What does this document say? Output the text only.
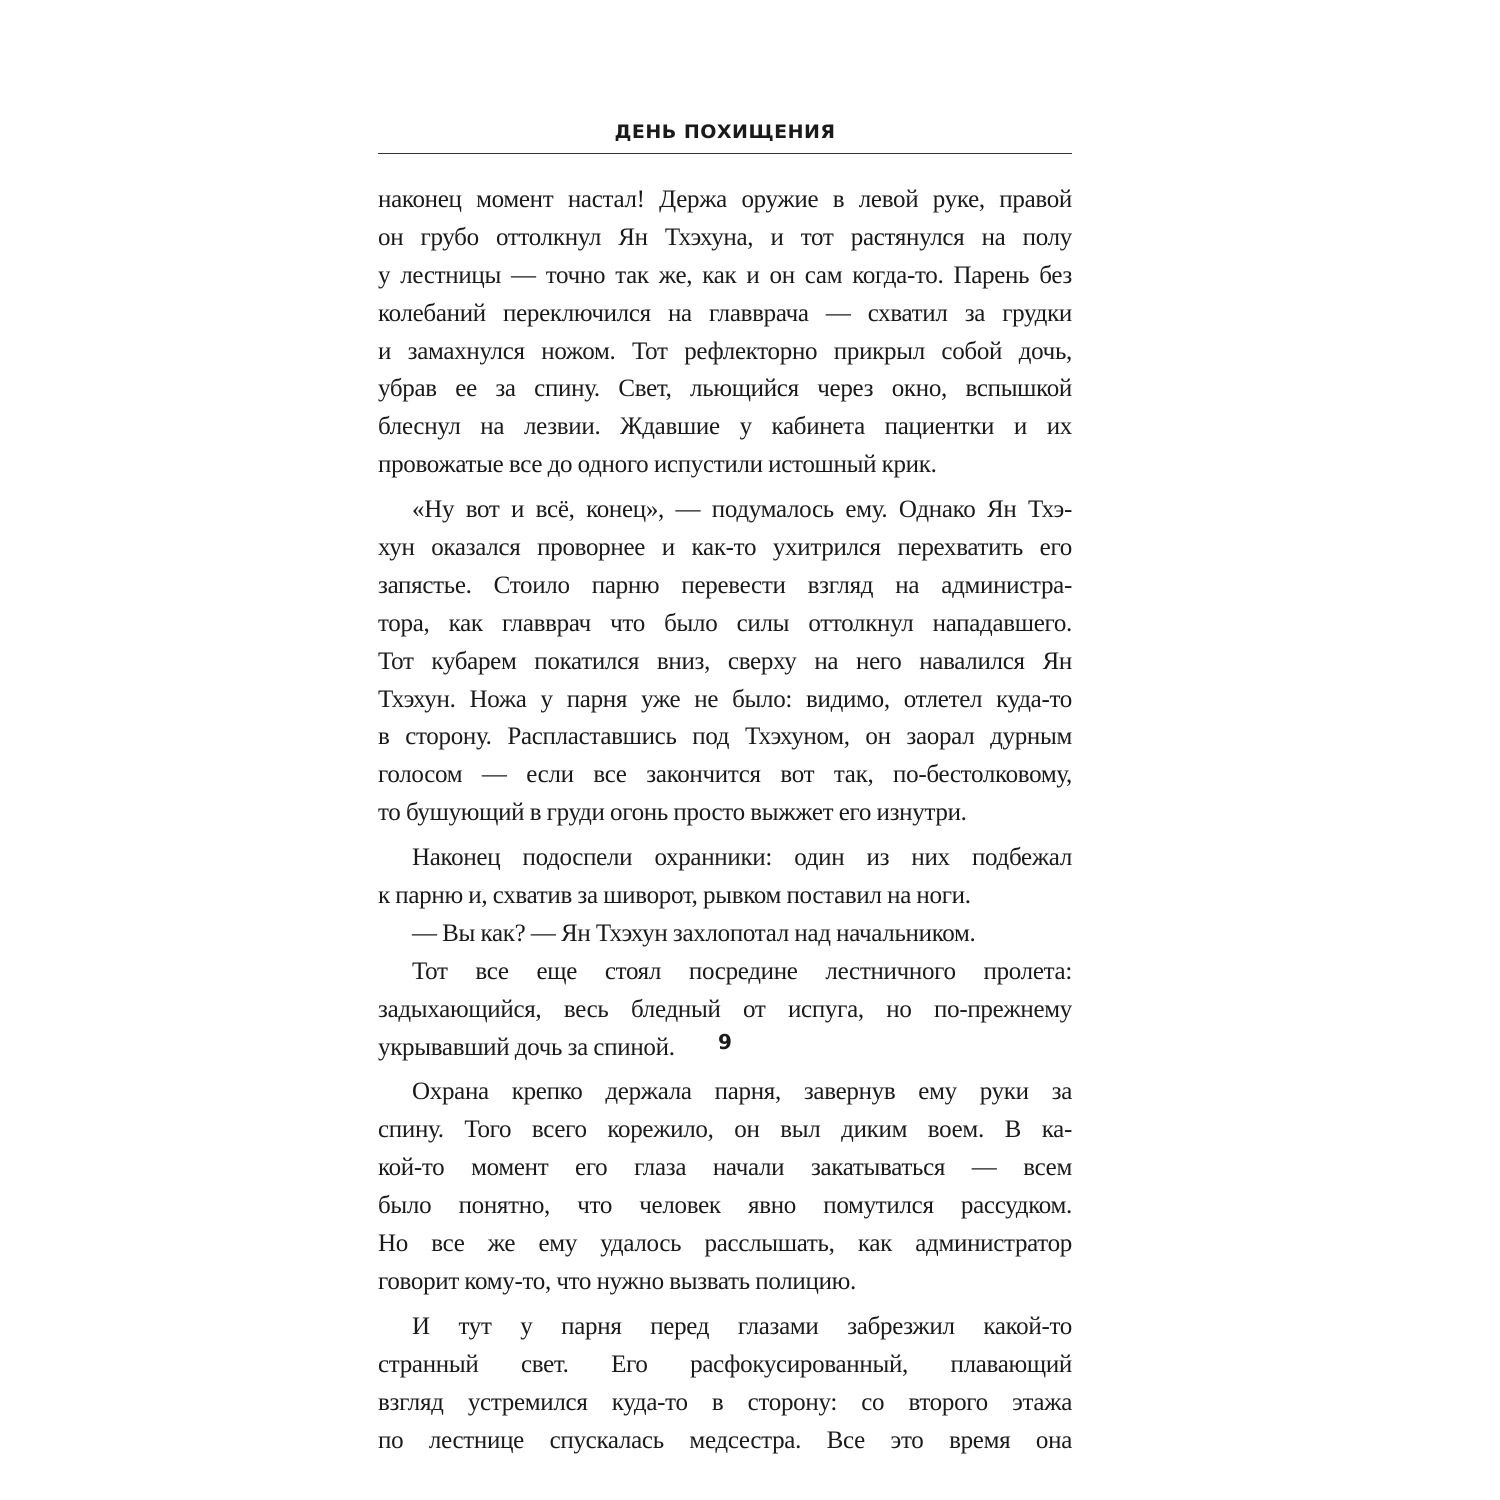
ДЕНЬ ПОХИЩЕНИЯ
наконец момент настал! Держа оружие в левой руке, правой
он грубо оттолкнул Ян Тхэхуна, и тот растянулся на полу
у лестницы — точно так же, как и он сам когда-то. Парень без
колебаний переключился на главврача — схватил за грудки
и замахнулся ножом. Тот рефлекторно прикрыл собой дочь,
убрав ее за спину. Свет, льющийся через окно, вспышкой
блеснул на лезвии. Ждавшие у кабинета пациентки и их
провожатые все до одного испустили истошный крик.
«Ну вот и всё, конец», — подумалось ему. Однако Ян Тхэ-
хун оказался проворнее и как-то ухитрился перехватить его
запястье. Стоило парню перевести взгляд на администра-
тора, как главврач что было силы оттолкнул нападавшего.
Тот кубарем покатился вниз, сверху на него навалился Ян
Тхэхун. Ножа у парня уже не было: видимо, отлетел куда-то
в сторону. Распластавшись под Тхэхуном, он заорал дурным
голосом — если все закончится вот так, по-бестолковому,
то бушующий в груди огонь просто выжжет его изнутри.
Наконец подоспели охранники: один из них подбежал
к парню и, схватив за шиворот, рывком поставил на ноги.
— Вы как? — Ян Тхэхун захлопотал над начальником.
Тот все еще стоял посредине лестничного пролета:
задыхающийся, весь бледный от испуга, но по-прежнему
укрывавший дочь за спиной.
Охрана крепко держала парня, завернув ему руки за
спину. Того всего корежило, он выл диким воем. В ка-
кой-то момент его глаза начали закатываться — всем
было понятно, что человек явно помутился рассудком.
Но все же ему удалось расслышать, как администратор
говорит кому-то, что нужно вызвать полицию.
И тут у парня перед глазами забрезжил какой-то
странный свет. Его расфокусированный, плавающий
взгляд устремился куда-то в сторону: со второго этажа
по лестнице спускалась медсестра. Все это время она
9
